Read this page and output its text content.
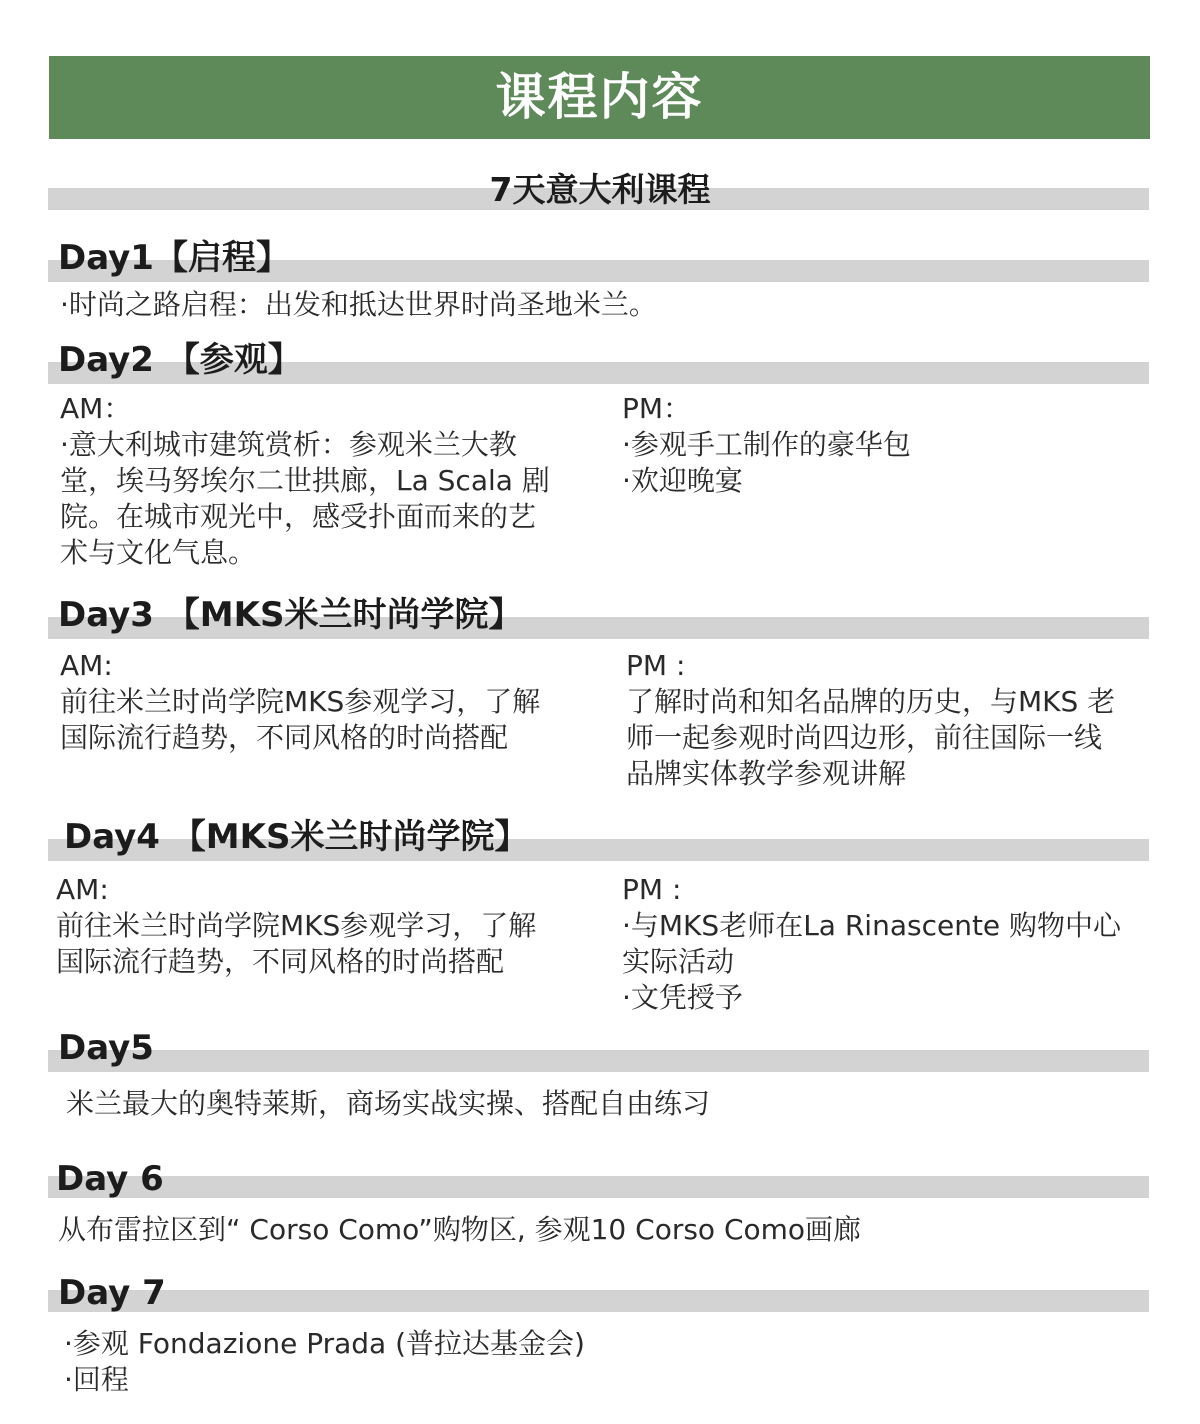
课程内容
7天意大利课程
Day1【启程】
·时尚之路启程：出发和抵达世界时尚圣地米兰。
Day2 【参观】
AM：
·意大利城市建筑赏析：参观米兰大教
堂，埃马努埃尔二世拱廊，La Scala 剧
院。在城市观光中，感受扑面而来的艺
术与文化气息。
PM：
·参观手工制作的豪华包
·欢迎晚宴
Day3 【MKS米兰时尚学院】
AM:
前往米兰时尚学院MKS参观学习，了解
国际流行趋势，不同风格的时尚搭配
PM :
了解时尚和知名品牌的历史，与MKS 老
师一起参观时尚四边形，前往国际一线
品牌实体教学参观讲解
Day4 【MKS米兰时尚学院】
AM:
前往米兰时尚学院MKS参观学习，了解
国际流行趋势，不同风格的时尚搭配
PM :
·与MKS老师在La Rinascente 购物中心
实际活动
·文凭授予
Day5
米兰最大的奥特莱斯，商场实战实操、搭配自由练习
Day 6
从布雷拉区到“ Corso Como”购物区, 参观10 Corso Como画廊
Day 7
·参观 Fondazione Prada (普拉达基金会)
·回程
